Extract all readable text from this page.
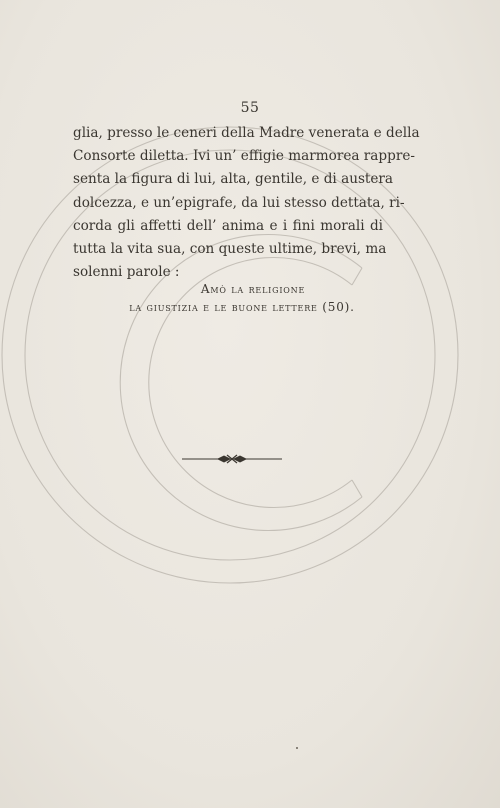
55
glia, presso le ceneri della Madre venerata e della
Consorte diletta. Ivi un’ effigie marmorea rappre-
senta la figura di lui, alta, gentile, e di austera
dolcezza, e un’epigrafe, da lui stesso dettata, ri-
corda gli affetti dell’ anima e i fini morali di
tutta la vita sua, con queste ultime, brevi, ma
solenni parole :
Amò la religione
la giustizia e le buone lettere (50).
